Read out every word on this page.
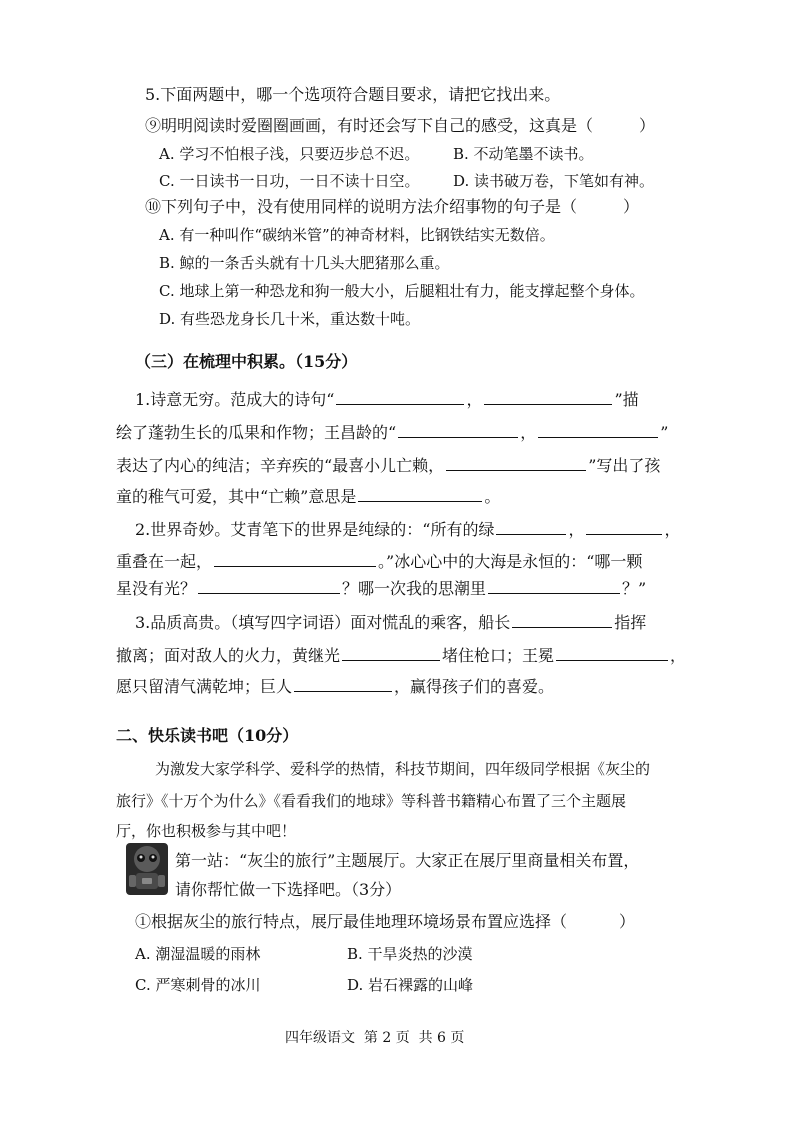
5.下面两题中，哪一个选项符合题目要求，请把它找出来。
⑨明明阅读时爱圈圈画画，有时还会写下自己的感受，这真是（	）
A. 学习不怕根子浅，只要迈步总不迟。 B. 不动笔墨不读书。
C. 一日读书一日功，一日不读十日空。 D. 读书破万卷，下笔如有神。
⑩下列句子中，没有使用同样的说明方法介绍事物的句子是（	）
A. 有一种叫作“碳纳米管”的神奇材料，比钢铁结实无数倍。
B. 鲸的一条舌头就有十几头大肥猪那么重。
C. 地球上第一种恐龙和狗一般大小，后腿粗壮有力，能支撑起整个身体。
D. 有些恐龙身长几十米，重达数十吨。
（三）在梳理中积累。（15分）
1.诗意无穷。范成大的诗句“	，	”描
绘了蓬勃生长的瓜果和作物；王昌龄的“	，	”
表达了内心的纯洁；辛弃疾的“最喜小儿亡赖，	”写出了孩
童的稚气可爱，其中“亡赖”意思是	。
2.世界奇妙。艾青笔下的世界是纯绿的：“所有的绿	，	，
重叠在一起，	。”冰心心中的大海是永恒的：“哪一颗
星没有光？	？哪一次我的思潮里	？”
3.品质高贵。（填写四字词语）面对慌乱的乘客，船长	指挥
撤离；面对敌人的火力，黄继光	堵住枪口；王冕	，
愿只留清气满乾坤；巨人	，赢得孩子们的喜爱。
二、快乐读书吧（10分）
为激发大家学科学、爱科学的热情，科技节期间，四年级同学根据《灰尘的
旅行》《十万个为什么》《看看我们的地球》等科普书籍精心布置了三个主题展
厅，你也积极参与其中吧！
第一站：“灰尘的旅行”主题展厅。大家正在展厅里商量相关布置，
请你帮忙做一下选择吧。（3分）
①根据灰尘的旅行特点，展厅最佳地理环境场景布置应选择（	）
A. 潮湿温暖的雨林	B. 干旱炎热的沙漠
C. 严寒刺骨的冰川	D. 岩石裸露的山峰
四年级语文  第 2 页  共 6 页
